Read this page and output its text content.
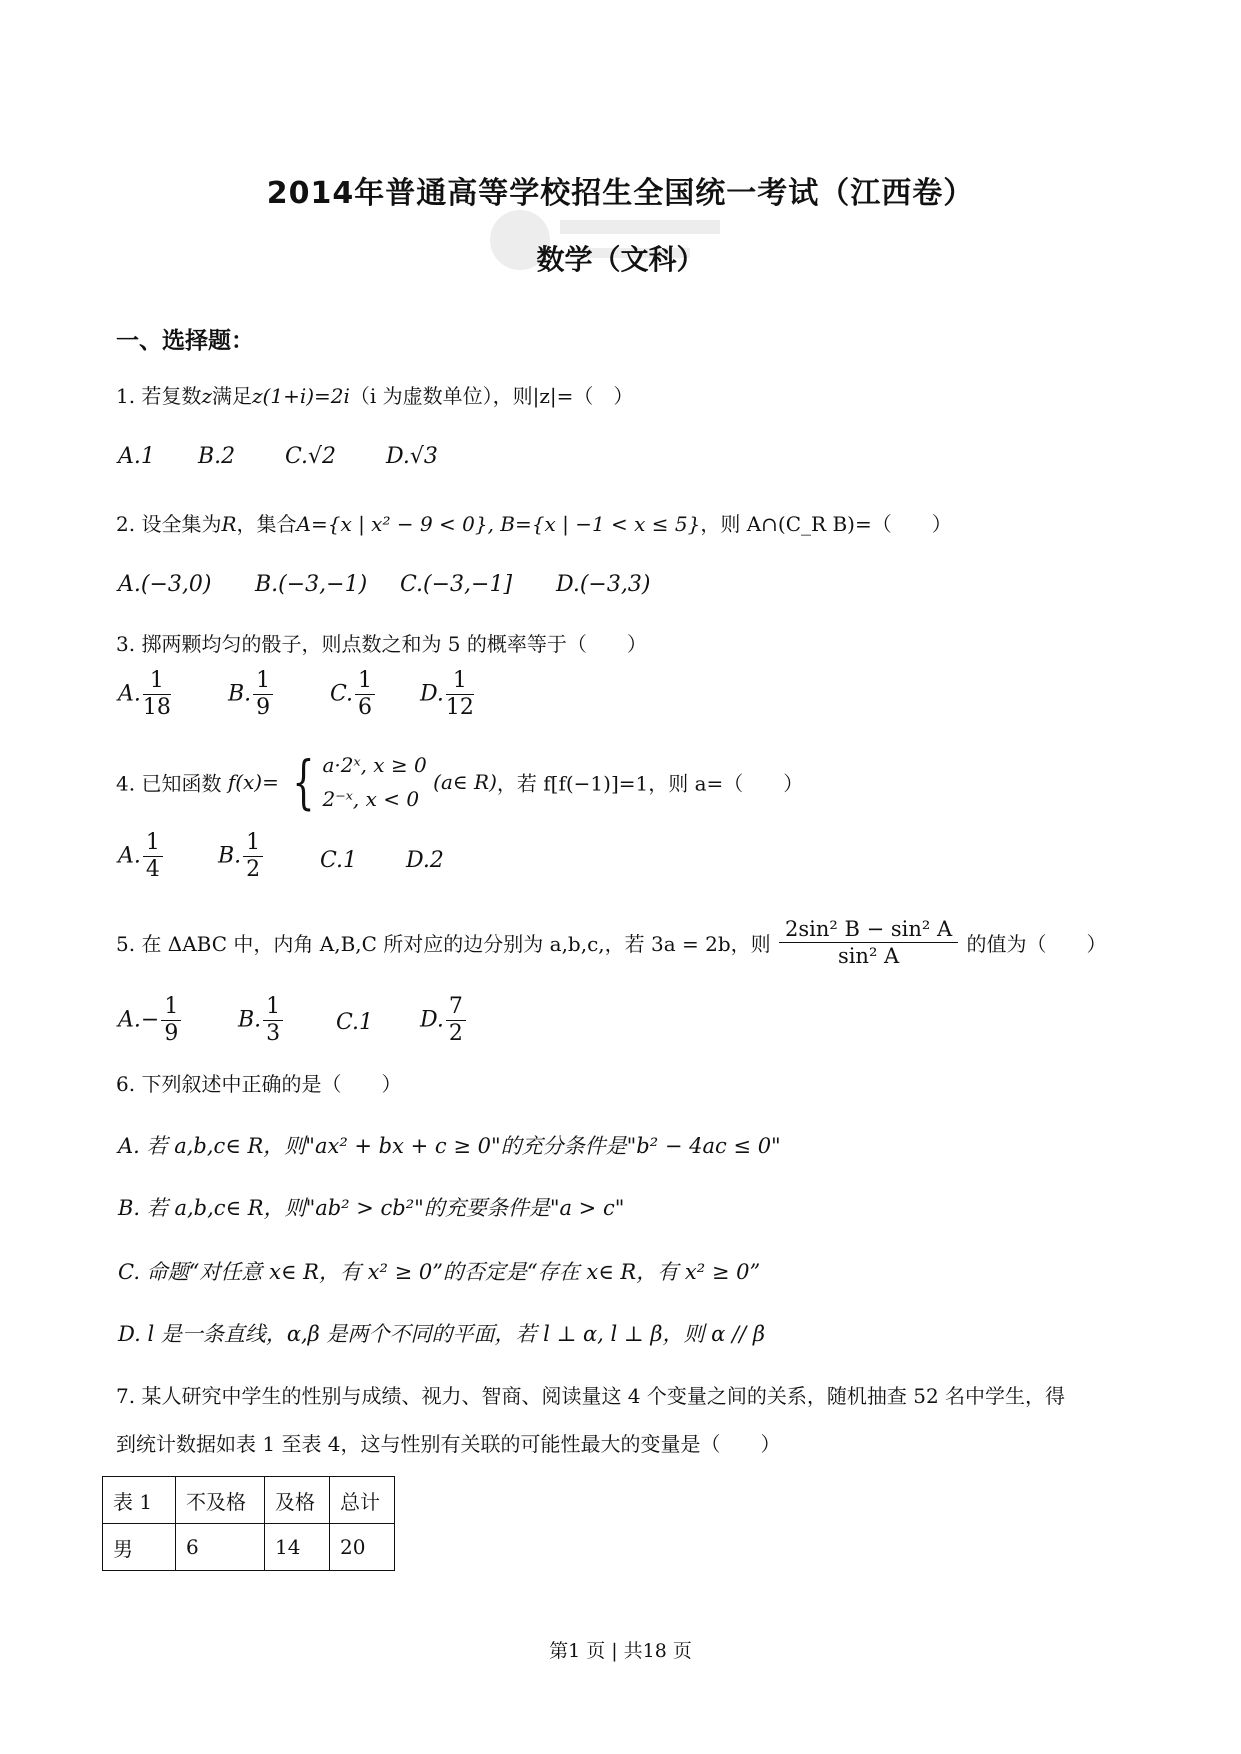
2014年普通高等学校招生全国统一考试（江西卷）
数学（文科）
一、选择题：
1. 若复数z满足z(1+i)=2i（i 为虚数单位），则|z|=（　）
A.1 B.2 C.√2 D.√3
2. 设全集为R，集合A={x | x² − 9 < 0}, B={x | −1 < x ≤ 5}，则 A∩(C_R B)=（　　）
A.(−3,0) B.(−3,−1) C.(−3,−1] D.(−3,3)
3. 掷两颗均匀的骰子，则点数之和为 5 的概率等于（　　）
A. $\frac{1}{18}$	B. $\frac{1}{9}$	C. $\frac{1}{6} D$. $\frac{1}{12}$
4. 已知函数 f(x)= { a·2ˣ, x ≥ 0
2⁻ˣ, x < 0
(a∈ R)，若 f[f(−1)]=1，则 a=（　　）
A. $\frac{1}{4}$	B. $\frac{1}{2}$	C.1 D.2
5. 在 ΔABC 中，内角 A,B,C 所对应的边分别为 a,b,c,，若 3a = 2b，则 $\frac{\text{2sin² B − sin² A}}{\text{sin² A}}$ 的值为（　　）
$A.- \frac{1}{9}$	B. $\frac{1}{3} C.1$ D. $\frac{7}{2}$
6. 下列叙述中正确的是（　　）
A. 若 a,b,c∈ R，则"ax² + bx + c ≥ 0"的充分条件是"b² − 4ac ≤ 0"
B. 若 a,b,c∈ R，则"ab² > cb²"的充要条件是"a > c"
C. 命题“对任意 x∈ R，有 x² ≥ 0”的否定是“存在 x∈ R，有 x² ≥ 0”
D. l 是一条直线，α,β 是两个不同的平面，若 l ⊥ α, l ⊥ β，则 α // β
7. 某人研究中学生的性别与成绩、视力、智商、阅读量这 4 个变量之间的关系，随机抽查 52 名中学生，得
到统计数据如表 1 至表 4，这与性别有关联的可能性最大的变量是（　　）
表 1	不及格	及格	总计
男	6	14	20
第1 页 | 共18 页
